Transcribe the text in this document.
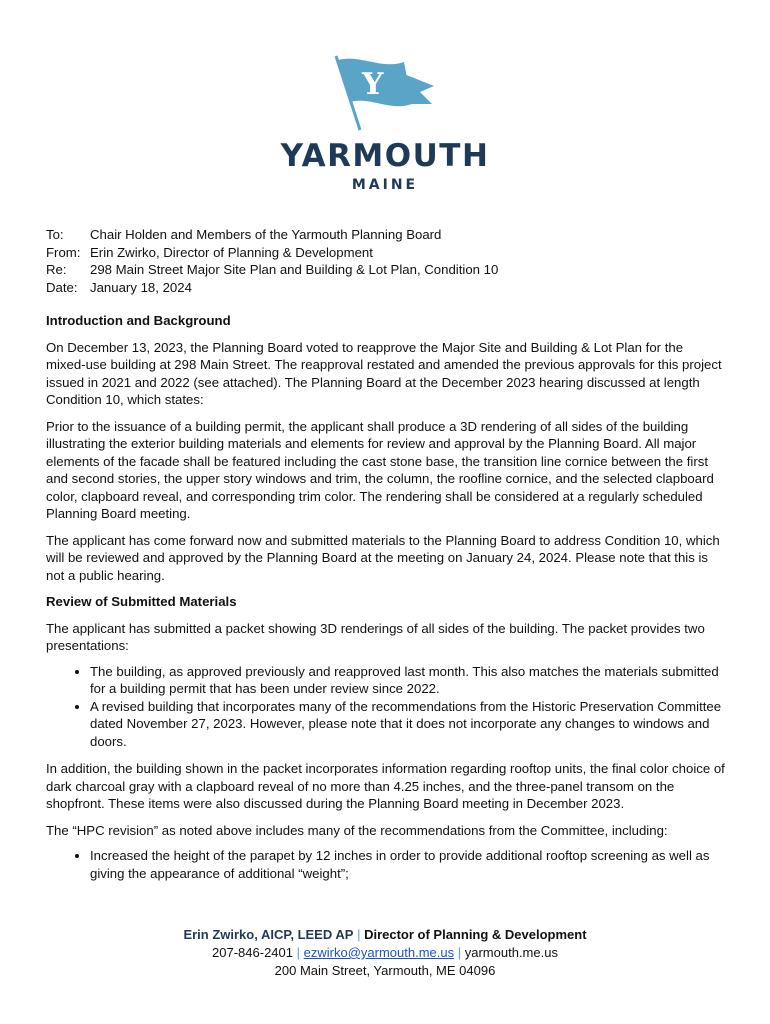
Y
YARMOUTH
MAINE
To:	Chair Holden and Members of the Yarmouth Planning Board
From: Erin Zwirko, Director of Planning & Development
Re:	298 Main Street Major Site Plan and Building & Lot Plan, Condition 10
Date: January 18, 2024

Introduction and Background

On December 13, 2023, the Planning Board voted to reapprove the Major Site and Building & Lot Plan for the mixed-use building at 298 Main Street. The reapproval restated and amended the previous approvals for this project issued in 2021 and 2022 (see attached). The Planning Board at the December 2023 hearing discussed at length Condition 10, which states:

Prior to the issuance of a building permit, the applicant shall produce a 3D rendering of all sides of the building illustrating the exterior building materials and elements for review and approval by the Planning Board. All major elements of the facade shall be featured including the cast stone base, the transition line cornice between the first and second stories, the upper story windows and trim, the column, the roofline cornice, and the selected clapboard color, clapboard reveal, and corresponding trim color. The rendering shall be considered at a regularly scheduled Planning Board meeting.

The applicant has come forward now and submitted materials to the Planning Board to address Condition 10, which will be reviewed and approved by the Planning Board at the meeting on January 24, 2024. Please note that this is not a public hearing.

Review of Submitted Materials

The applicant has submitted a packet showing 3D renderings of all sides of the building. The packet provides two presentations:

• The building, as approved previously and reapproved last month. This also matches the materials submitted for a building permit that has been under review since 2022.
• A revised building that incorporates many of the recommendations from the Historic Preservation Committee dated November 27, 2023. However, please note that it does not incorporate any changes to windows and doors.

In addition, the building shown in the packet incorporates information regarding rooftop units, the final color choice of dark charcoal gray with a clapboard reveal of no more than 4.25 inches, and the three-panel transom on the shopfront. These items were also discussed during the Planning Board meeting in December 2023.

The “HPC revision” as noted above includes many of the recommendations from the Committee, including:

• Increased the height of the parapet by 12 inches in order to provide additional rooftop screening as well as giving the appearance of additional “weight”;
Erin Zwirko, AICP, LEED AP | Director of Planning & Development
207-846-2401 | ezwirko@yarmouth.me.us | yarmouth.me.us
200 Main Street, Yarmouth, ME 04096
